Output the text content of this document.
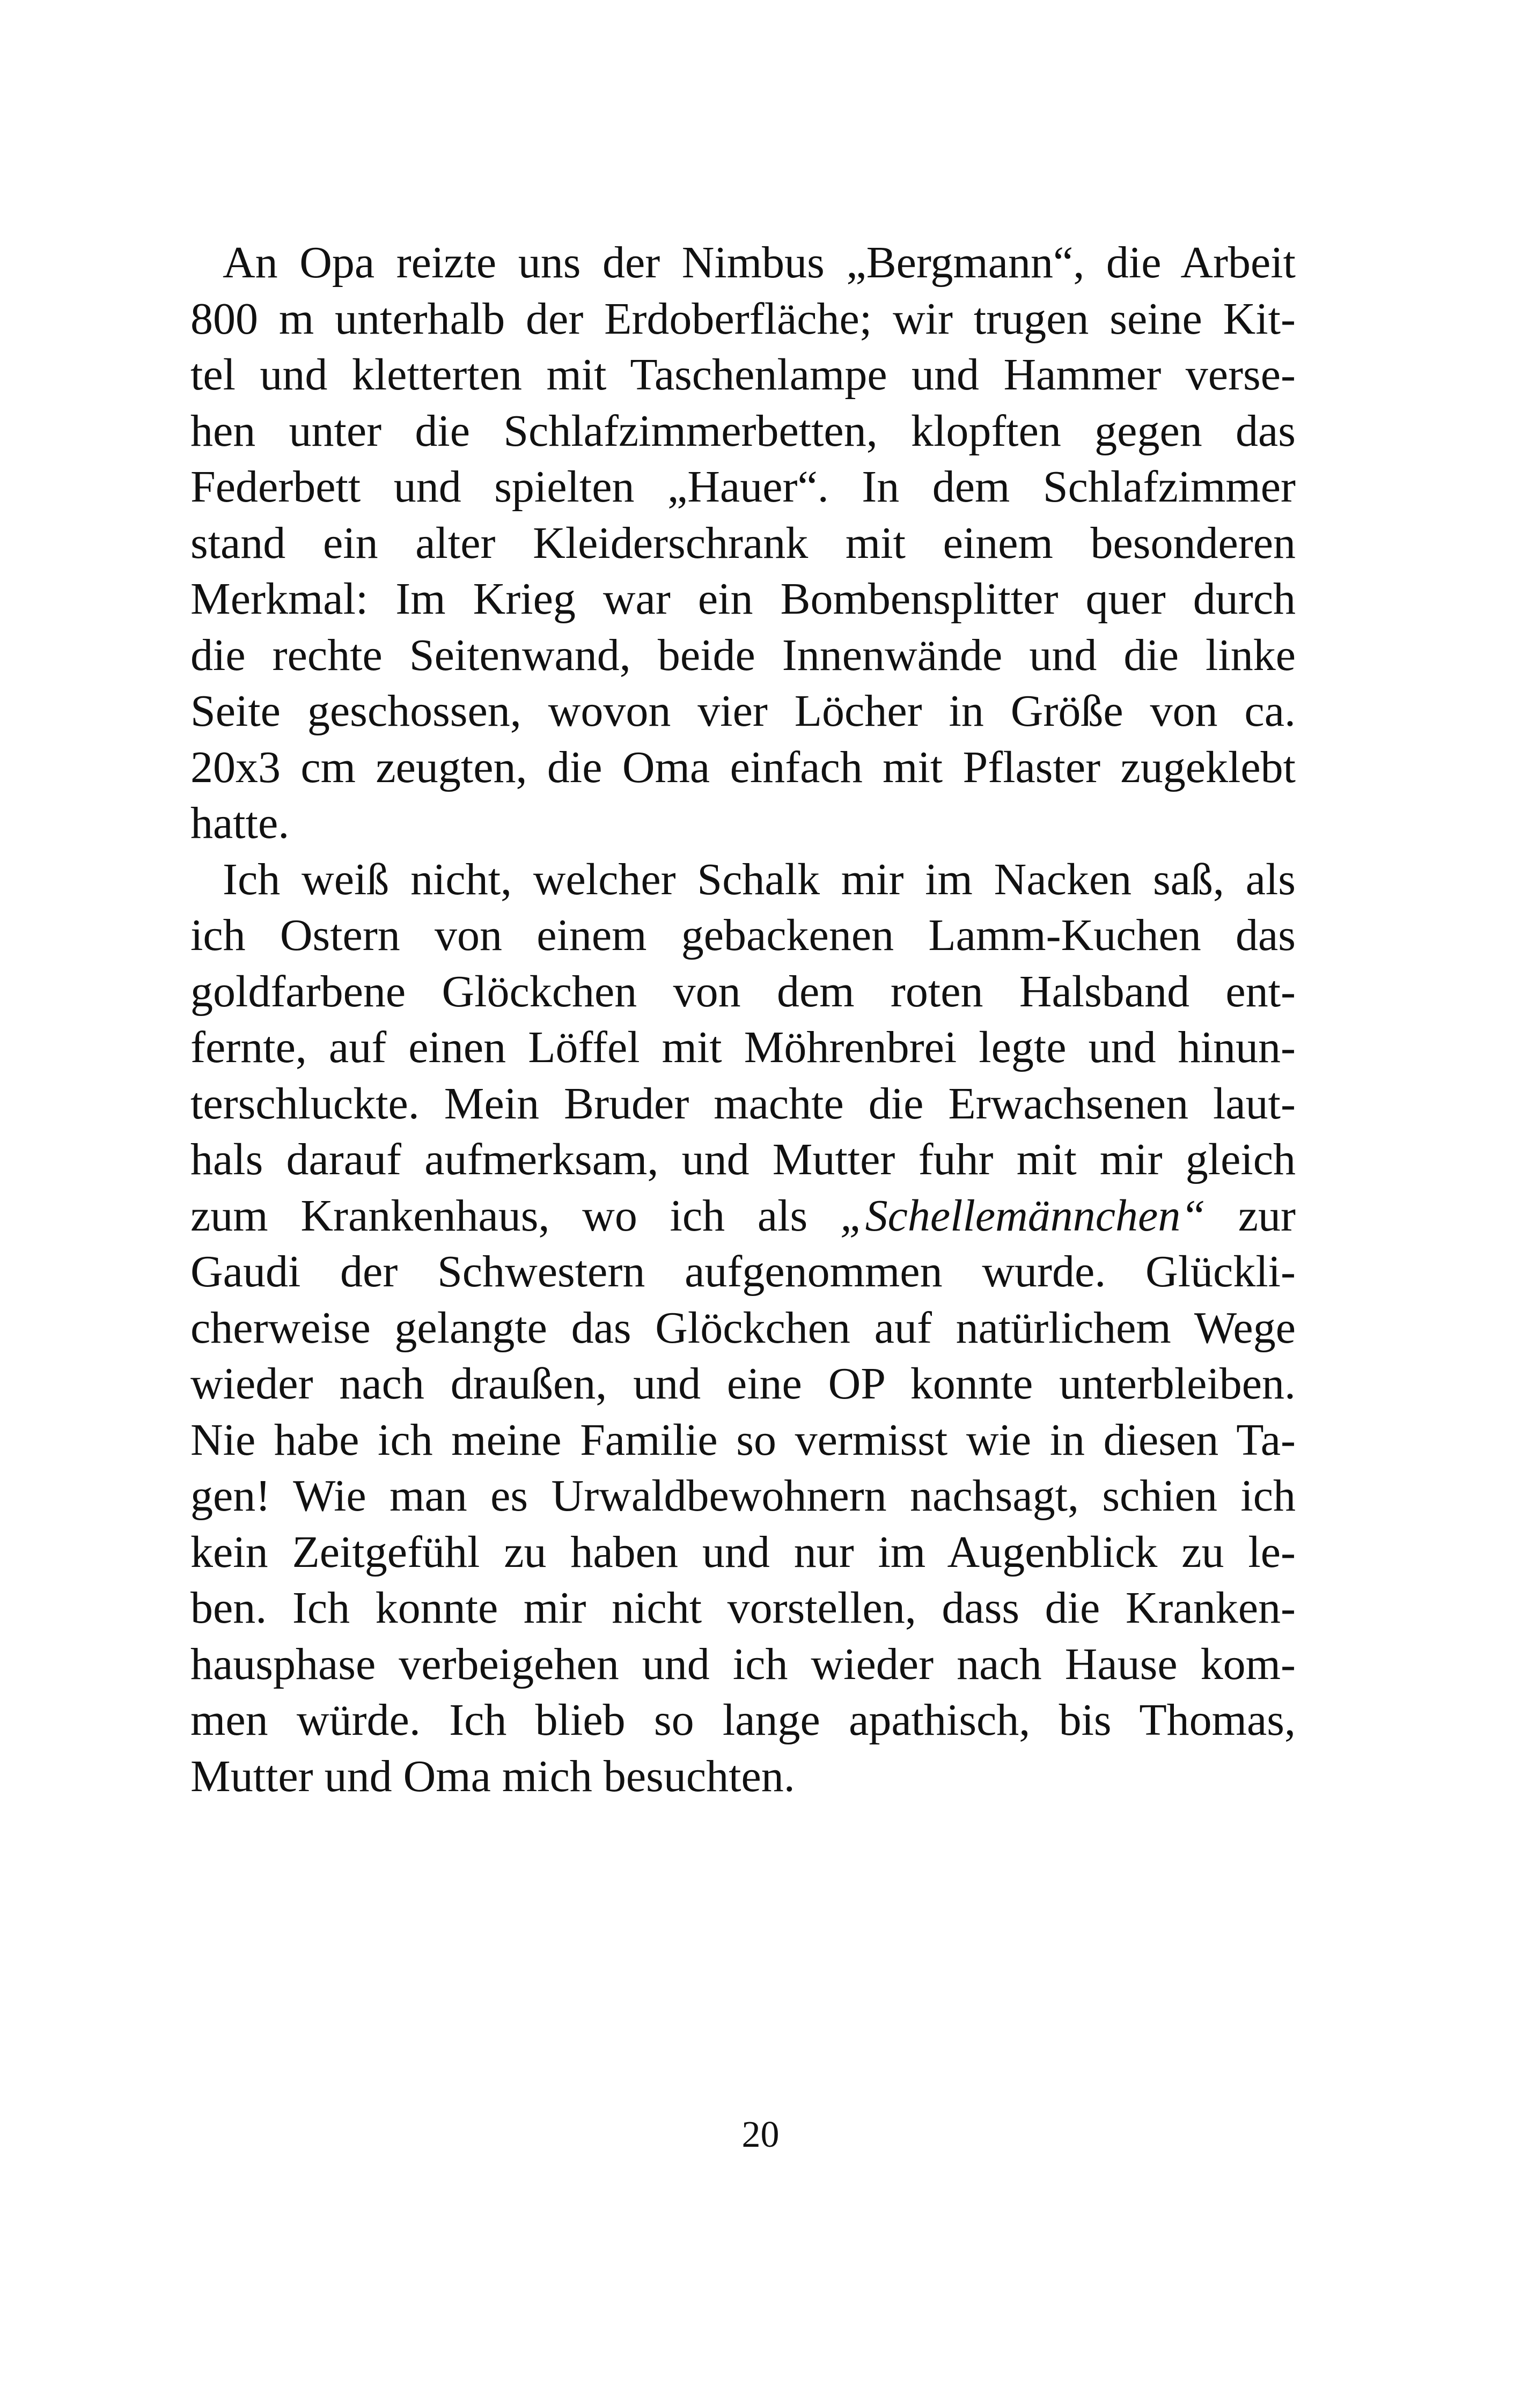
An Opa reizte uns der Nimbus „Bergmann“, die Arbeit
800 m unterhalb der Erdoberfläche; wir trugen seine Kit-
tel und kletterten mit Taschenlampe und Hammer verse-
hen unter die Schlafzimmerbetten, klopften gegen das
Federbett und spielten „Hauer“. In dem Schlafzimmer
stand ein alter Kleiderschrank mit einem besonderen
Merkmal: Im Krieg war ein Bombensplitter quer durch
die rechte Seitenwand, beide Innenwände und die linke
Seite geschossen, wovon vier Löcher in Größe von ca.
20x3 cm zeugten, die Oma einfach mit Pflaster zugeklebt
hatte.
Ich weiß nicht, welcher Schalk mir im Nacken saß, als
ich Ostern von einem gebackenen Lamm-Kuchen das
goldfarbene Glöckchen von dem roten Halsband ent-
fernte, auf einen Löffel mit Möhrenbrei legte und hinun-
terschluckte. Mein Bruder machte die Erwachsenen laut-
hals darauf aufmerksam, und Mutter fuhr mit mir gleich
zum Krankenhaus, wo ich als „Schellemännchen“ zur
Gaudi der Schwestern aufgenommen wurde. Glückli-
cherweise gelangte das Glöckchen auf natürlichem Wege
wieder nach draußen, und eine OP konnte unterbleiben.
Nie habe ich meine Familie so vermisst wie in diesen Ta-
gen! Wie man es Urwaldbewohnern nachsagt, schien ich
kein Zeitgefühl zu haben und nur im Augenblick zu le-
ben. Ich konnte mir nicht vorstellen, dass die Kranken-
hausphase verbeigehen und ich wieder nach Hause kom-
men würde. Ich blieb so lange apathisch, bis Thomas,
Mutter und Oma mich besuchten.
20
